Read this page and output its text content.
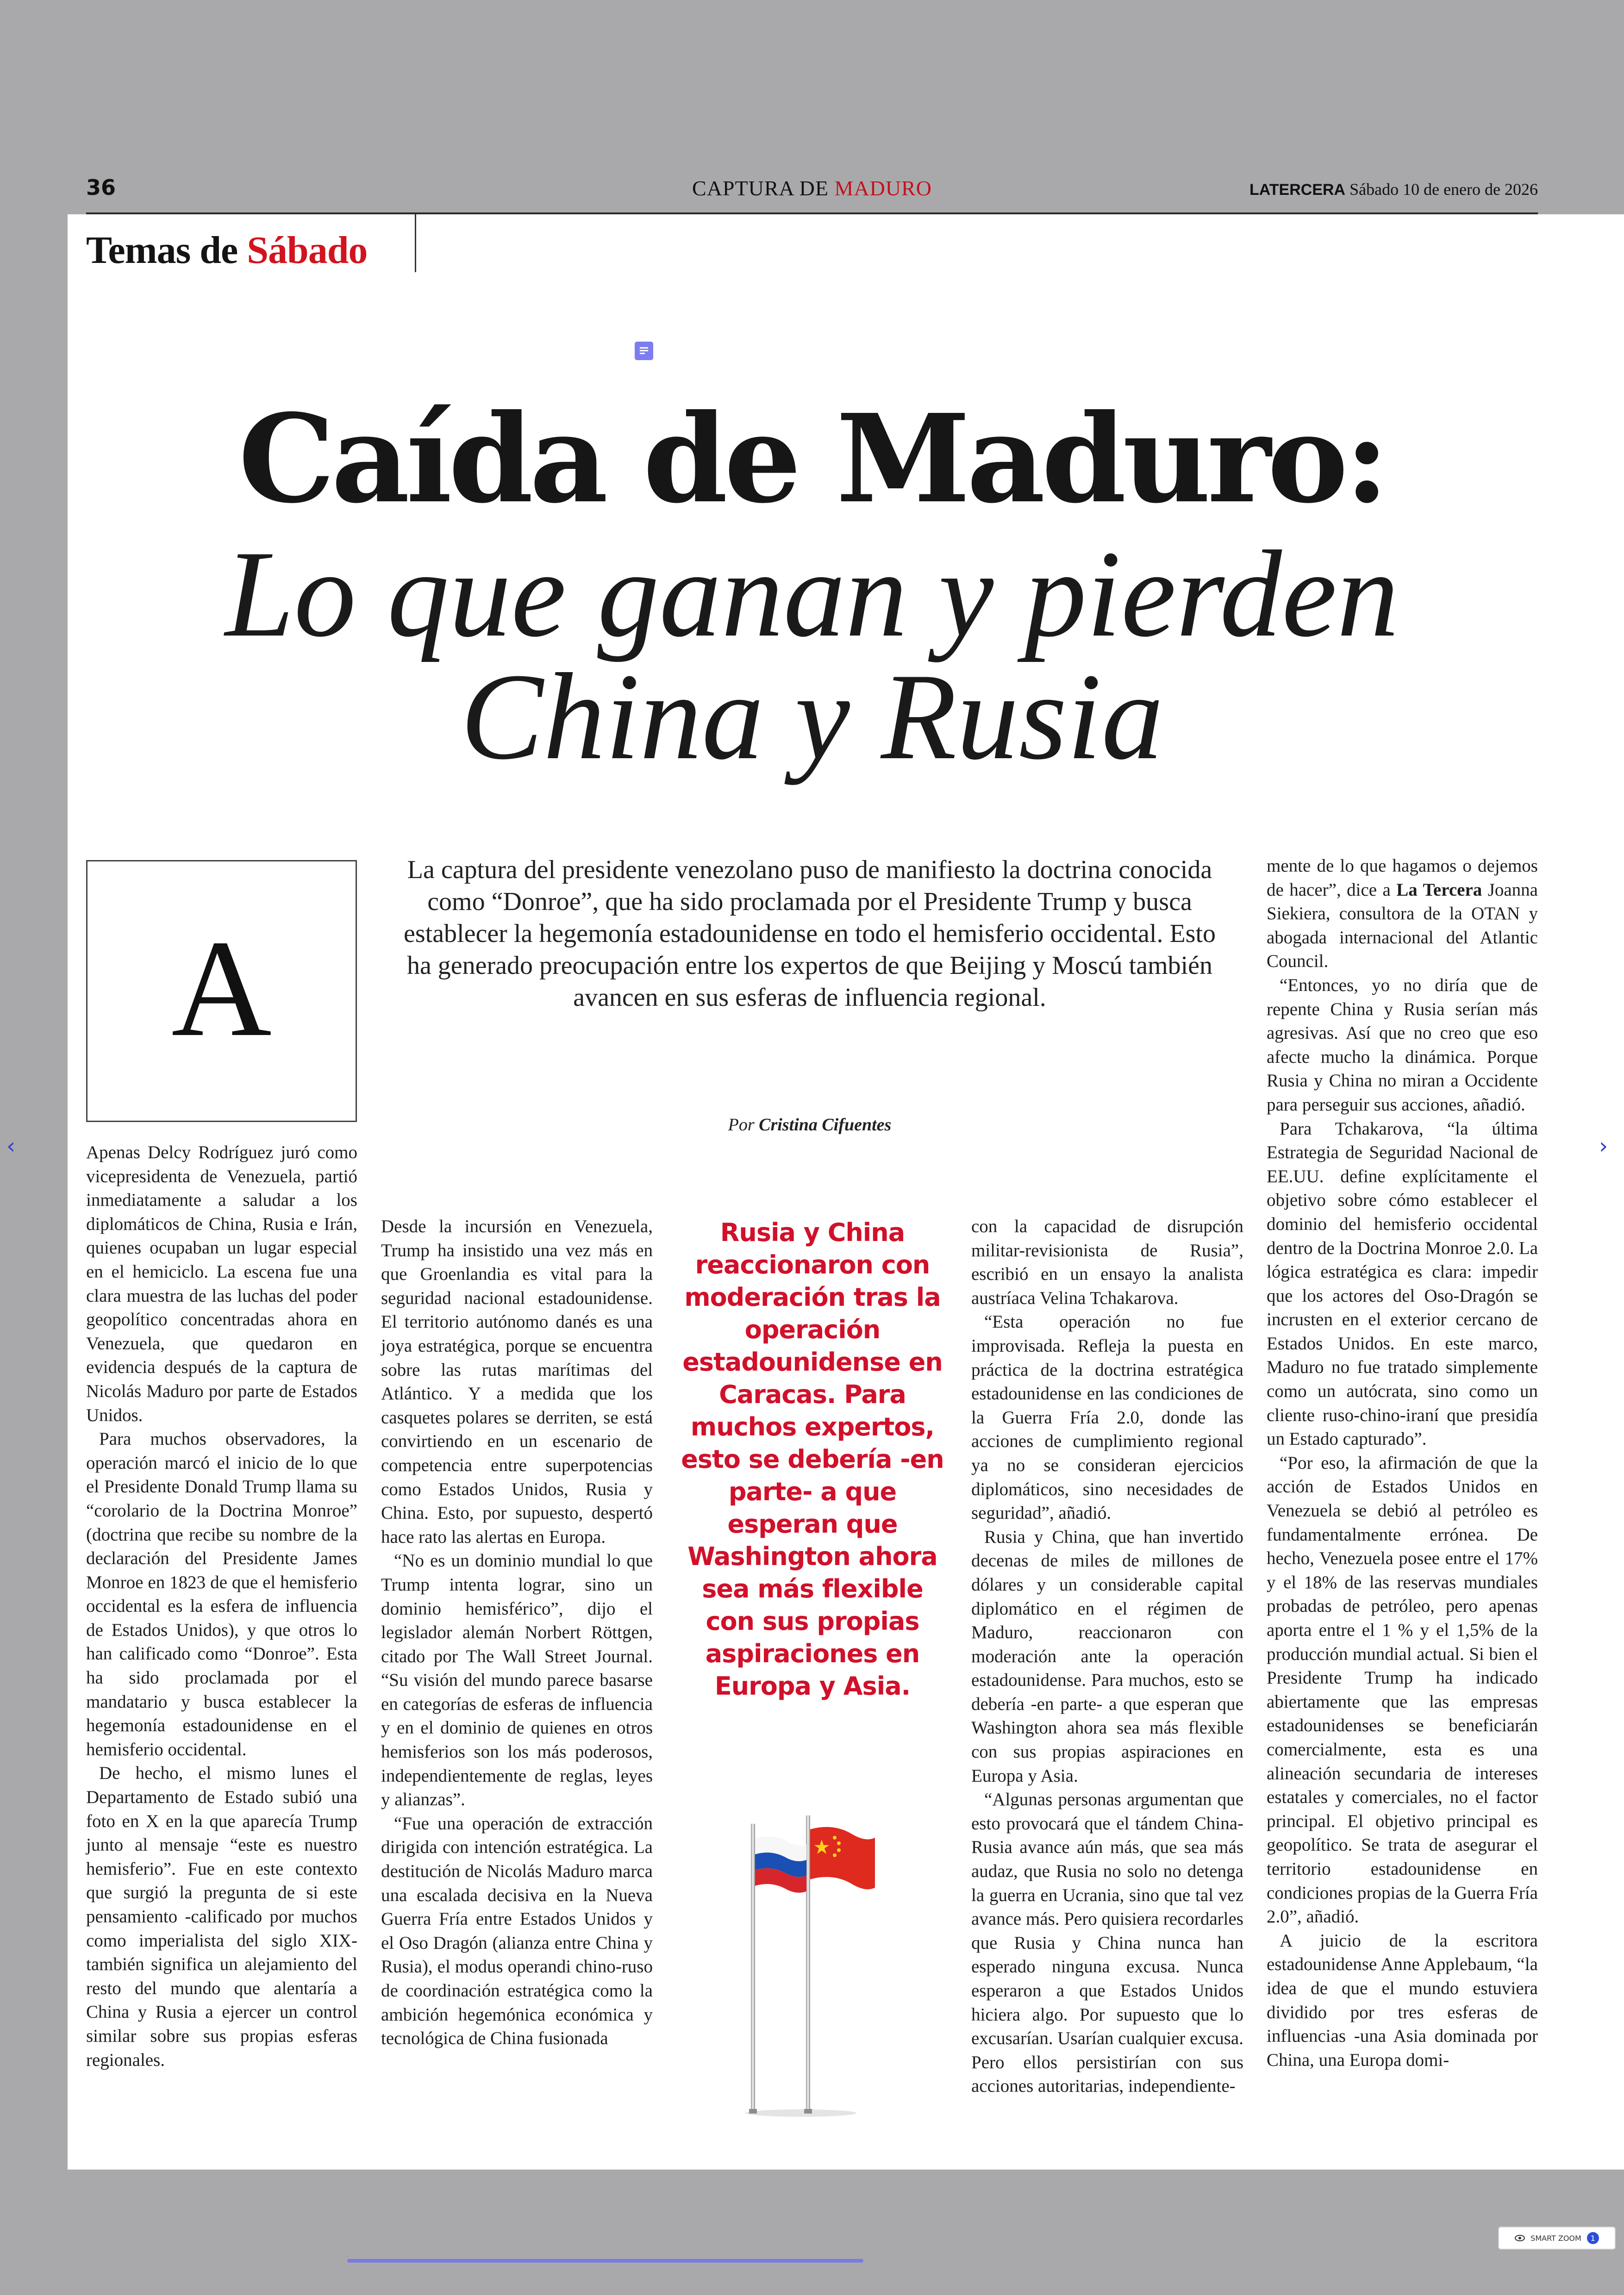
36	CAPTURA DE MADURO	LATERCERA Sábado 10 de enero de 2026
Temas de Sábado
Caída de Maduro:
Lo que ganan y pierden
China y Rusia
A
La captura del presidente venezolano puso de manifiesto la doctrina conocida como “Donroe”, que ha sido proclamada por el Presidente Trump y busca establecer la hegemonía estadounidense en todo el hemisferio occidental. Esto ha generado preocupación entre los expertos de que Beijing y Moscú también avancen en sus esferas de influencia regional.
Por Cristina Cifuentes

Apenas Delcy Rodríguez juró como vicepresidenta de Venezuela, partió inmediatamente a saludar a los diplomáticos de China, Rusia e Irán, quienes ocupaban un lugar especial en el hemiciclo. La escena fue una clara muestra de las luchas del poder geopolítico concentradas ahora en Venezuela, que quedaron en evidencia después de la captura de Nicolás Maduro por parte de Estados Unidos.

Para muchos observadores, la operación marcó el inicio de lo que el Presidente Donald Trump llama su “corolario de la Doctrina Monroe” (doctrina que recibe su nombre de la declaración del Presidente James Monroe en 1823 de que el hemisferio occidental es la esfera de influencia de Estados Unidos), y que otros lo han calificado como “Donroe”. Esta ha sido proclamada por el mandatario y busca establecer la hegemonía estadounidense en el hemisferio occidental.

De hecho, el mismo lunes el Departamento de Estado subió una foto en X en la que aparecía Trump junto al mensaje “este es nuestro hemisferio”. Fue en este contexto que surgió la pregunta de si este pensamiento -calificado por muchos como imperialista del siglo XIX- también significa un alejamiento del resto del mundo que alentaría a China y Rusia a ejercer un control similar sobre sus propias esferas regionales.

Desde la incursión en Venezuela, Trump ha insistido una vez más en que Groenlandia es vital para la seguridad nacional estadounidense. El territorio autónomo danés es una joya estratégica, porque se encuentra sobre las rutas marítimas del Atlántico. Y a medida que los casquetes polares se derriten, se está convirtiendo en un escenario de competencia entre superpotencias como Estados Unidos, Rusia y China. Esto, por supuesto, despertó hace rato las alertas en Europa.

“No es un dominio mundial lo que Trump intenta lograr, sino un dominio hemisférico”, dijo el legislador alemán Norbert Röttgen, citado por The Wall Street Journal. “Su visión del mundo parece basarse en categorías de esferas de influencia y en el dominio de quienes en otros hemisferios son los más poderosos, independientemente de reglas, leyes y alianzas”.

“Fue una operación de extracción dirigida con intención estratégica. La destitución de Nicolás Maduro marca una escalada decisiva en la Nueva Guerra Fría entre Estados Unidos y el Oso Dragón (alianza entre China y Rusia), el modus operandi chino-ruso de coordinación estratégica como la ambición hegemónica económica y tecnológica de China fusionada

Rusia y China reaccionaron con moderación tras la operación estadounidense en Caracas. Para muchos expertos, esto se debería -en parte- a que esperan que Washington ahora sea más flexible con sus propias aspiraciones en Europa y Asia.

con la capacidad de disrupción militar-revisionista de Rusia”, escribió en un ensayo la analista austríaca Velina Tchakarova.

“Esta operación no fue improvisada. Refleja la puesta en práctica de la doctrina estratégica estadounidense en las condiciones de la Guerra Fría 2.0, donde las acciones de cumplimiento regional ya no se consideran ejercicios diplomáticos, sino necesidades de seguridad”, añadió.

Rusia y China, que han invertido decenas de miles de millones de dólares y un considerable capital diplomático en el régimen de Maduro, reaccionaron con moderación ante la operación estadounidense. Para muchos, esto se debería -en parte- a que esperan que Washington ahora sea más flexible con sus propias aspiraciones en Europa y Asia.

“Algunas personas argumentan que esto provocará que el tándem China-Rusia avance aún más, que sea más audaz, que Rusia no solo no detenga la guerra en Ucrania, sino que tal vez avance más. Pero quisiera recordarles que Rusia y China nunca han esperado ninguna excusa. Nunca esperaron a que Estados Unidos hiciera algo. Por supuesto que lo excusarían. Usarían cualquier excusa. Pero ellos persistirían con sus acciones autoritarias, independiente-

mente de lo que hagamos o dejemos de hacer”, dice a La Tercera Joanna Siekiera, consultora de la OTAN y abogada internacional del Atlantic Council.

“Entonces, yo no diría que de repente China y Rusia serían más agresivas. Así que no creo que eso afecte mucho la dinámica. Porque Rusia y China no miran a Occidente para perseguir sus acciones, añadió.

Para Tchakarova, “la última Estrategia de Seguridad Nacional de EE.UU. define explícitamente el objetivo sobre cómo establecer el dominio del hemisferio occidental dentro de la Doctrina Monroe 2.0. La lógica estratégica es clara: impedir que los actores del Oso-Dragón se incrusten en el exterior cercano de Estados Unidos. En este marco, Maduro no fue tratado simplemente como un autócrata, sino como un cliente ruso-chino-iraní que presidía un Estado capturado”.

“Por eso, la afirmación de que la acción de Estados Unidos en Venezuela se debió al petróleo es fundamentalmente errónea. De hecho, Venezuela posee entre el 17% y el 18% de las reservas mundiales probadas de petróleo, pero apenas aporta entre el 1 % y el 1,5% de la producción mundial actual. Si bien el Presidente Trump ha indicado abiertamente que las empresas estadounidenses se beneficiarán comercialmente, esta es una alineación secundaria de intereses estatales y comerciales, no el factor principal. El objetivo principal es geopolítico. Se trata de asegurar el territorio estadounidense en condiciones propias de la Guerra Fría 2.0”, añadió.

A juicio de la escritora estadounidense Anne Applebaum, “la idea de que el mundo estuviera dividido por tres esferas de influencias -una Asia dominada por China, una Europa domi-

‹	›
SMART ZOOM	1
